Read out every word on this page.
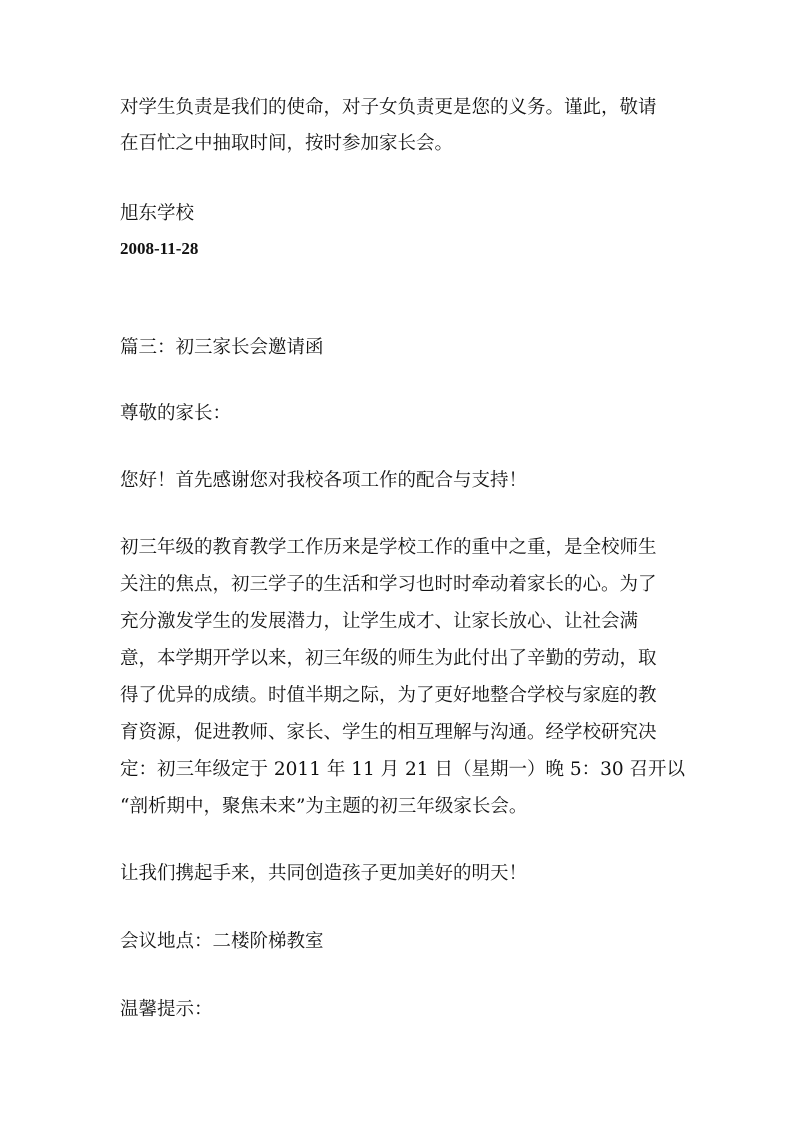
对学生负责是我们的使命，对子女负责更是您的义务。谨此，敬请

在百忙之中抽取时间，按时参加家长会。

旭东学校

2008-11-28

篇三：初三家长会邀请函

尊敬的家长：

您好！首先感谢您对我校各项工作的配合与支持！

初三年级的教育教学工作历来是学校工作的重中之重，是全校师生

关注的焦点，初三学子的生活和学习也时时牵动着家长的心。为了

充分激发学生的发展潜力，让学生成才、让家长放心、让社会满

意，本学期开学以来，初三年级的师生为此付出了辛勤的劳动，取

得了优异的成绩。时值半期之际，为了更好地整合学校与家庭的教

育资源，促进教师、家长、学生的相互理解与沟通。经学校研究决

定：初三年级定于 2011 年 11 月 21 日（星期一）晚 5：30 召开以

“剖析期中，聚焦未来”为主题的初三年级家长会。

让我们携起手来，共同创造孩子更加美好的明天！

会议地点：二楼阶梯教室

温馨提示：
